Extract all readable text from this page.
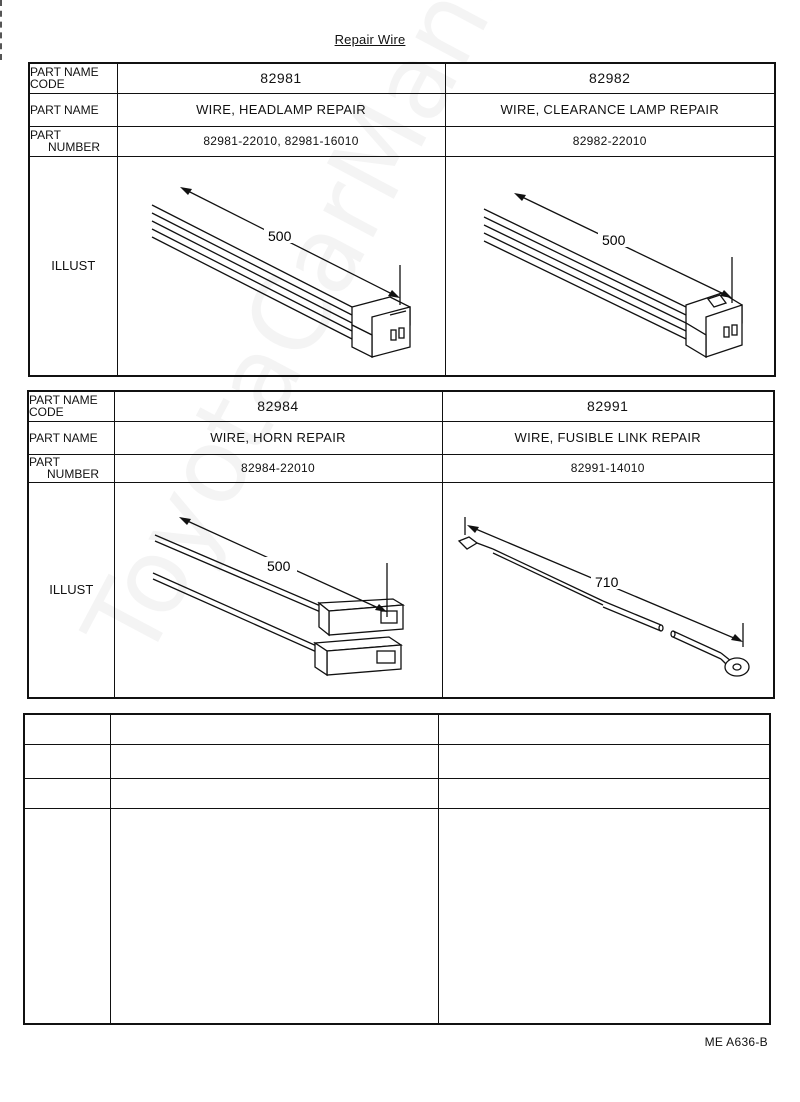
Repair Wire
PART NAME
CODE	82981	82982
PART NAME	WIRE, HEADLAMP REPAIR	WIRE, CLEARANCE LAMP REPAIR

PART
NUMBER	82981-22010, 82981-16010	82982-22010
ILLUST	500	500
PART NAME
CODE	82984	82991
PART NAME	WIRE, HORN REPAIR	WIRE, FUSIBLE LINK REPAIR

PART
NUMBER	82984-22010	82991-14010
ILLUST	500	710

ME A636-B
